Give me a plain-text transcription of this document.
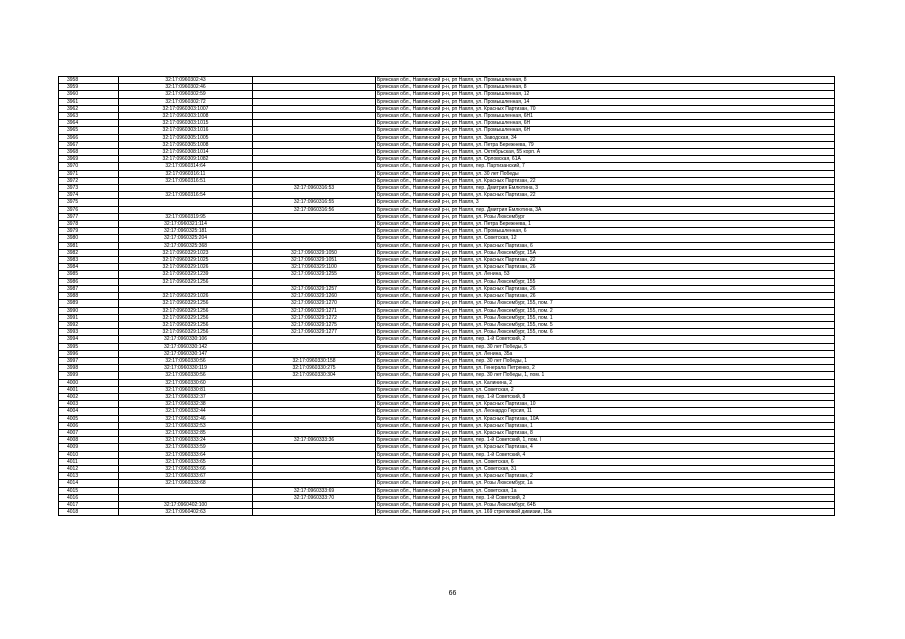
3958	32:17:0960302:43		Брянская обл., Навлинский р-н, рп Навля, ул. Промышленная, 8
3959	32:17:0960302:46		Брянская обл., Навлинский р-н, рп Навля, ул. Промышленная, 8
3960	32:17:0960302:59		Брянская обл., Навлинский р-н, рп Навля, ул. Промышленная, 12
3961	32:17:0960302:72		Брянская обл., Навлинский р-н, рп Навля, ул. Промышленная, 14
3962	32:17:0960303:1007		Брянская обл., Навлинский р-н, рп Навля, ул. Красных Партизан, 70
3963	32:17:0960303:1008		Брянская обл., Навлинский р-н, рп Навля, ул. Промышленная, 6Н1
3964	32:17:0960303:1015		Брянская обл., Навлинский р-н, рп Навля, ул. Промышленная, 6Н
3965	32:17:0960303:1016		Брянская обл., Навлинский р-н, рп Навля, ул. Промышленная, 6Н
3966	32:17:0960305:1005		Брянская обл., Навлинский р-н, рп Навля, ул. Заводская, 34
3967	32:17:0960305:1008		Брянская обл., Навлинский р-н, рп Навля, ул. Петра Бережнева, 79
3968	32:17:0960308:1014		Брянская обл., Навлинский р-н, рп Навля, ул. Октябрьская, 55 корп. А
3969	32:17:0960309:1082		Брянская обл., Навлинский р-н, рп Навля, ул. Орловская, 61А
3970	32:17:0960314:64		Брянская обл., Навлинский р-н, рп Навля, пер. Партизанский, 7
3971	32:17:0960316:11		Брянская обл., Навлинский р-н, рп Навля, ул. 30 лет Победы
3972	32:17:0960316:51		Брянская обл., Навлинский р-н, рп Навля, ул. Красных Партизан, 22
3973		32:17:0960316:53	Брянская обл., Навлинский р-н, рп Навля, пер. Дмитрия Емлютина, 3
3974	32:17:0960316:54		Брянская обл., Навлинский р-н, рп Навля, ул. Красных Партизан, 22
3975		32:17:0960316:55	Брянская обл., Навлинский р-н, рп Навля, 3
3976		32:17:0960316:56	Брянская обл., Навлинский р-н, рп Навля, пер. Дмитрия Емлютина, 3А
3977	32:17:0960319:95		Брянская обл., Навлинский р-н, рп Навля, ул. Розы Люксембург
3978	32:17:0960321:114		Брянская обл., Навлинский р-н, рп Навля, ул. Петра Бережнева, 1
3979	32:17:0960325:181		Брянская обл., Навлинский р-н, рп Навля, ул. Промышленная, 6
3980	32:17:0960325:204		Брянская обл., Навлинский р-н, рп Навля, ул. Советская, 12
3981	32:17:0960325:368		Брянская обл., Навлинский р-н, рп Навля, ул. Красных Партизан, 6
3982	32:17:0960329:1023	32:17:0960329:1050	Брянская обл., Навлинский р-н, рп Навля, ул. Розы Люксембург, 15А
3983	32:17:0960329:1025	32:17:0960329:1051	Брянская обл., Навлинский р-н, рп Навля, ул. Красных Партизан, 22
3984	32:17:0960329:1026	32:17:0960329:1100	Брянская обл., Навлинский р-н, рп Навля, ул. Красных Партизан, 26
3985	32:17:0960329:1239	32:17:0960329:1255	Брянская обл., Навлинский р-н, рп Навля, ул. Ленина, 53
3986	32:17:0960329:1256		Брянская обл., Навлинский р-н, рп Навля, ул. Розы Люксембург, 155
3987		32:17:0960329:1257	Брянская обл., Навлинский р-н, рп Навля, ул. Красных Партизан, 26
3988	32:17:0960329:1026	32:17:0960329:1260	Брянская обл., Навлинский р-н, рп Навля, ул. Красных Партизан, 26
3989	32:17:0960329:1256	32:17:0960329:1270	Брянская обл., Навлинский р-н, рп Навля, ул. Розы Люксембург, 155, пом. 7
3990	32:17:0960329:1256	32:17:0960329:1271	Брянская обл., Навлинский р-н, рп Навля, ул. Розы Люксембург, 155, пом. 2
3991	32:17:0960329:1256	32:17:0960329:1272	Брянская обл., Навлинский р-н, рп Навля, ул. Розы Люксембург, 155, пом. 1
3992	32:17:0960329:1256	32:17:0960329:1275	Брянская обл., Навлинский р-н, рп Навля, ул. Розы Люксембург, 155, пом. 5
3993	32:17:0960329:1256	32:17:0960329:1277	Брянская обл., Навлинский р-н, рп Навля, ул. Розы Люксембург, 155, пом. 6
3994	32:17:0960330:106		Брянская обл., Навлинский р-н, рп Навля, пер. 1-й Советский, 2
3995	32:17:0960330:142		Брянская обл., Навлинский р-н, рп Навля, пер. 30 лет Победы, 5
3996	32:17:0960330:147		Брянская обл., Навлинский р-н, рп Навля, ул. Ленина, 35а
3997	32:17:0960330:56	32:17:0960330:158	Брянская обл., Навлинский р-н, рп Навля, пер. 30 лет Победы, 1
3998	32:17:0960330:119	32:17:0960330:275	Брянская обл., Навлинский р-н, рп Навля, ул. Генерала Петренко, 2
3999	32:17:0960330:56	32:17:0960330:304	Брянская обл., Навлинский р-н, рп Навля, пер. 30 лет Победы, 1, пом. 1
4000	32:17:0960330:60		Брянская обл., Навлинский р-н, рп Навля, ул. Калинина, 2
4001	32:17:0960330:81		Брянская обл., Навлинский р-н, рп Навля, ул. Советская, 2
4002	32:17:0960332:37		Брянская обл., Навлинский р-н, рп Навля, пер. 1-й Советский, 8
4003	32:17:0960332:38		Брянская обл., Навлинский р-н, рп Навля, ул. Красных Партизан, 10
4004	32:17:0960332:44		Брянская обл., Навлинский р-н, рп Навля, ул. Леонардо Герсия, 11
4005	32:17:0960332:46		Брянская обл., Навлинский р-н, рп Навля, ул. Красных Партизан, 10А
4006	32:17:0960332:53		Брянская обл., Навлинский р-н, рп Навля, ул. Красных Партизан, 1
4007	32:17:0960332:85		Брянская обл., Навлинский р-н, рп Навля, ул. Красных Партизан, 8
4008	32:17:0960333:24	32:17:0960333:36	Брянская обл., Навлинский р-н, рп Навля, пер. 1-й Советский, 1, пом. I
4009	32:17:0960333:59		Брянская обл., Навлинский р-н, рп Навля, ул. Красных Партизан, 4
4010	32:17:0960333:64		Брянская обл., Навлинский р-н, рп Навля, пер. 1-й Советский, 4
4011	32:17:0960333:65		Брянская обл., Навлинский р-н, рп Навля, ул. Советская, 6
4012	32:17:0960333:66		Брянская обл., Навлинский р-н, рп Навля, ул. Советская, 31
4013	32:17:0960333:67		Брянская обл., Навлинский р-н, рп Навля, ул. Красных Партизан, 2
4014	32:17:0960333:68		Брянская обл., Навлинский р-н, рп Навля, ул. Розы Люксембург, 1а
4015		32:17:0960333:69	Брянская обл., Навлинский р-н, рп Навля, ул. Советская, 1а
4016		32:17:0960333:70	Брянская обл., Навлинский р-н, рп Навля, пер. 1-й Советский, 2
4017	32:17:0960402:100		Брянская обл., Навлинский р-н, рп Навля, ул. Розы Люксембург, 64Б
4018	32:17:0960402:63		Брянская обл., Навлинский р-н, рп Навля, ул. 169 стрелковой дивизии, 15а
66
